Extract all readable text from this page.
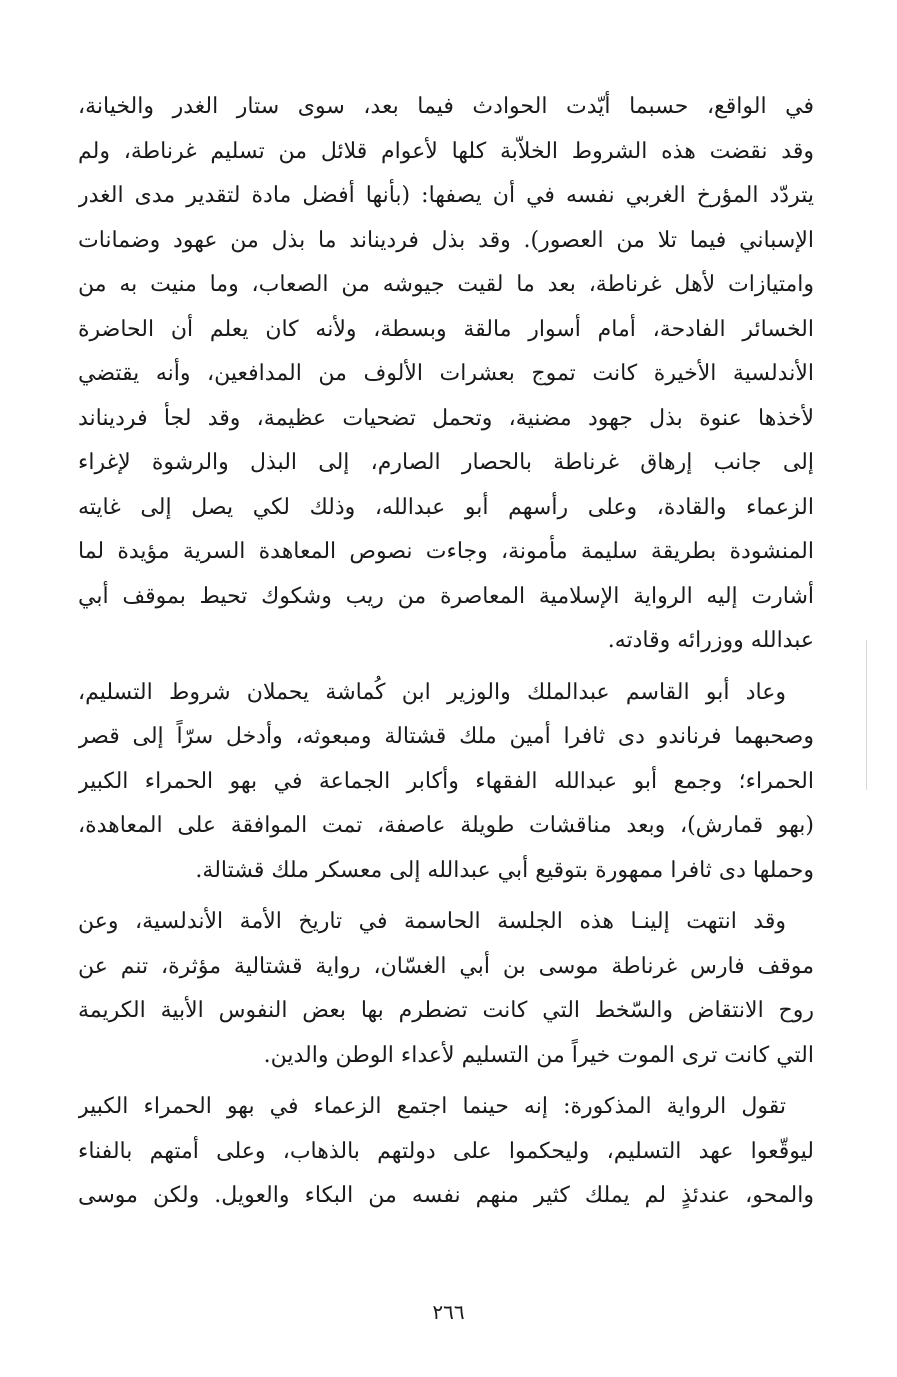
في الواقع، حسبما أيّدت الحوادث فيما بعد، سوى ستار الغدر والخيانة،
وقد نقضت هذه الشروط الخلاّبة كلها لأعوام قلائل من تسليم غرناطة، ولم
يتردّد المؤرخ الغربي نفسه في أن يصفها: (بأنها أفضل مادة لتقدير مدى الغدر
الإسباني فيما تلا من العصور). وقد بذل فرديناند ما بذل من عهود وضمانات
وامتيازات لأهل غرناطة، بعد ما لقيت جيوشه من الصعاب، وما منيت به من
الخسائر الفادحة، أمام أسوار مالقة وبسطة، ولأنه كان يعلم أن الحاضرة
الأندلسية الأخيرة كانت تموج بعشرات الألوف من المدافعين، وأنه يقتضي
لأخذها عنوة بذل جهود مضنية، وتحمل تضحيات عظيمة، وقد لجأ فرديناند
إلى جانب إرهاق غرناطة بالحصار الصارم، إلى البذل والرشوة لإغراء
الزعماء والقادة، وعلى رأسهم أبو عبدالله، وذلك لكي يصل إلى غايته
المنشودة بطريقة سليمة مأمونة، وجاءت نصوص المعاهدة السرية مؤيدة لما
أشارت إليه الرواية الإسلامية المعاصرة من ريب وشكوك تحيط بموقف أبي
عبدالله ووزرائه وقادته.
وعاد أبو القاسم عبدالملك والوزير ابن كُماشة يحملان شروط التسليم،
وصحبهما فرناندو دى ثافرا أمين ملك قشتالة ومبعوثه، وأدخل سرّاً إلى قصر
الحمراء؛ وجمع أبو عبدالله الفقهاء وأكابر الجماعة في بهو الحمراء الكبير
(بهو قمارش)، وبعد مناقشات طويلة عاصفة، تمت الموافقة على المعاهدة،
وحملها دى ثافرا ممهورة بتوقيع أبي عبدالله إلى معسكر ملك قشتالة.
وقد انتهت إلينـا هذه الجلسة الحاسمة في تاريخ الأمة الأندلسية، وعن
موقف فارس غرناطة موسى بن أبي الغسّان، رواية قشتالية مؤثرة، تنم عن
روح الانتقاض والسّخط التي كانت تضطرم بها بعض النفوس الأبية الكريمة
التي كانت ترى الموت خيراً من التسليم لأعداء الوطن والدين.
تقول الرواية المذكورة: إنه حينما اجتمع الزعماء في بهو الحمراء الكبير
ليوقّعوا عهد التسليم، وليحكموا على دولتهم بالذهاب، وعلى أمتهم بالفناء
والمحو، عندئذٍ لم يملك كثير منهم نفسه من البكاء والعويل. ولكن موسى
٢٦٦
